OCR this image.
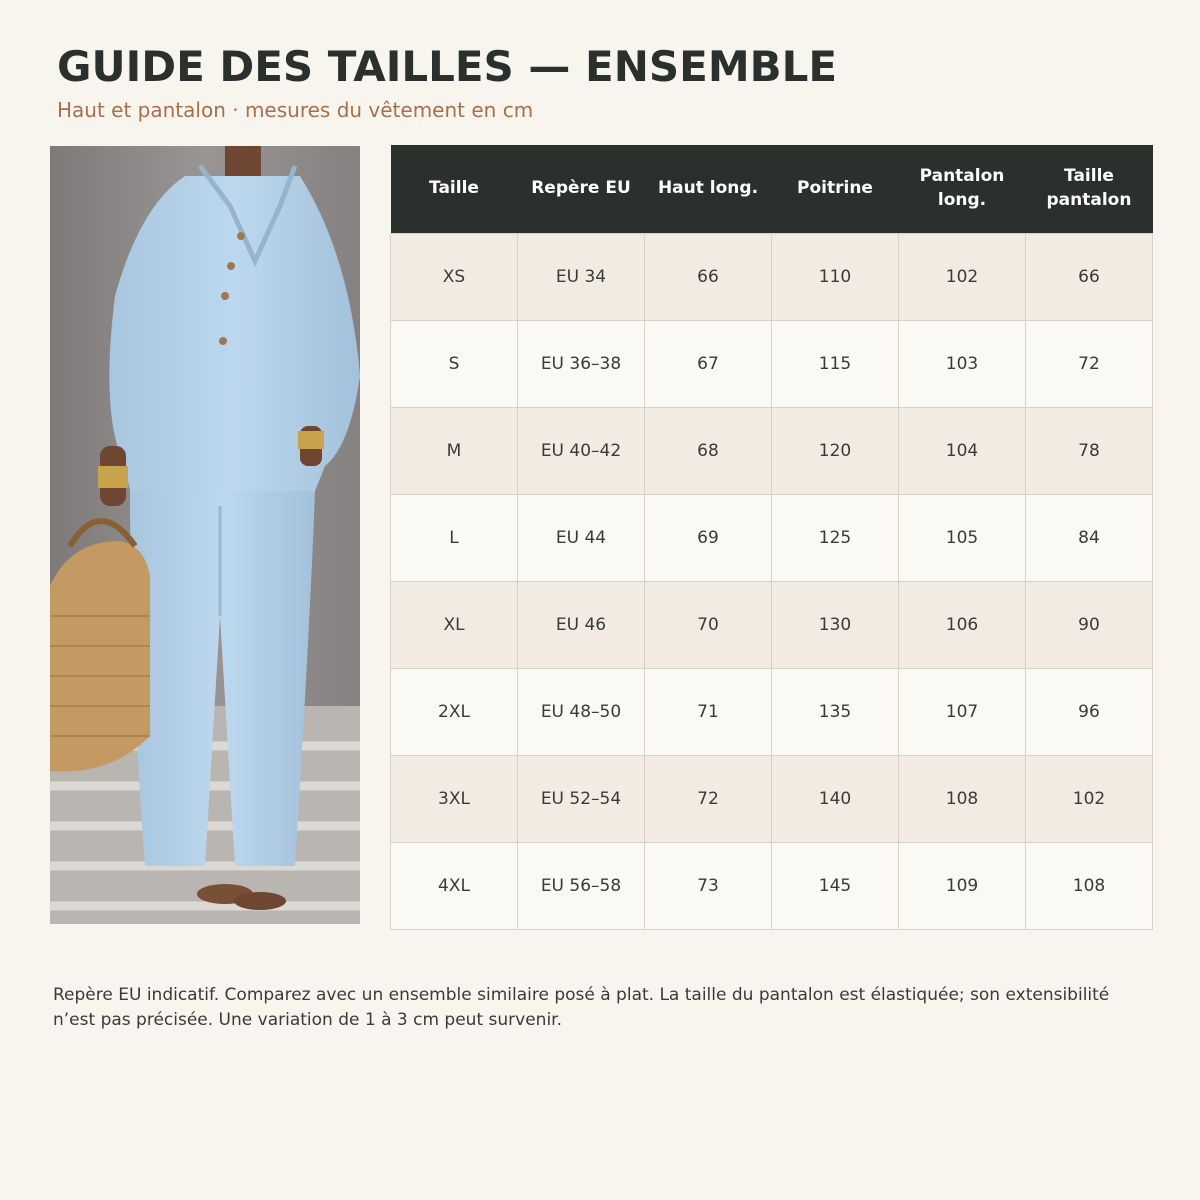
GUIDE DES TAILLES — ENSEMBLE
Haut et pantalon · mesures du vêtement en cm
Taille	Repère EU	Haut long.	Poitrine	Pantalon long.	Taille pantalon
XS	EU 34	66	110	102	66
S	EU 36–38	67	115	103	72
M	EU 40–42	68	120	104	78
L	EU 44	69	125	105	84
XL	EU 46	70	130	106	90
2XL	EU 48–50	71	135	107	96
3XL	EU 52–54	72	140	108	102
4XL	EU 56–58	73	145	109	108

Repère EU indicatif. Comparez avec un ensemble similaire posé à plat. La taille du pantalon est élastiquée; son extensibilité n’est pas précisée. Une variation de 1 à 3 cm peut survenir.
